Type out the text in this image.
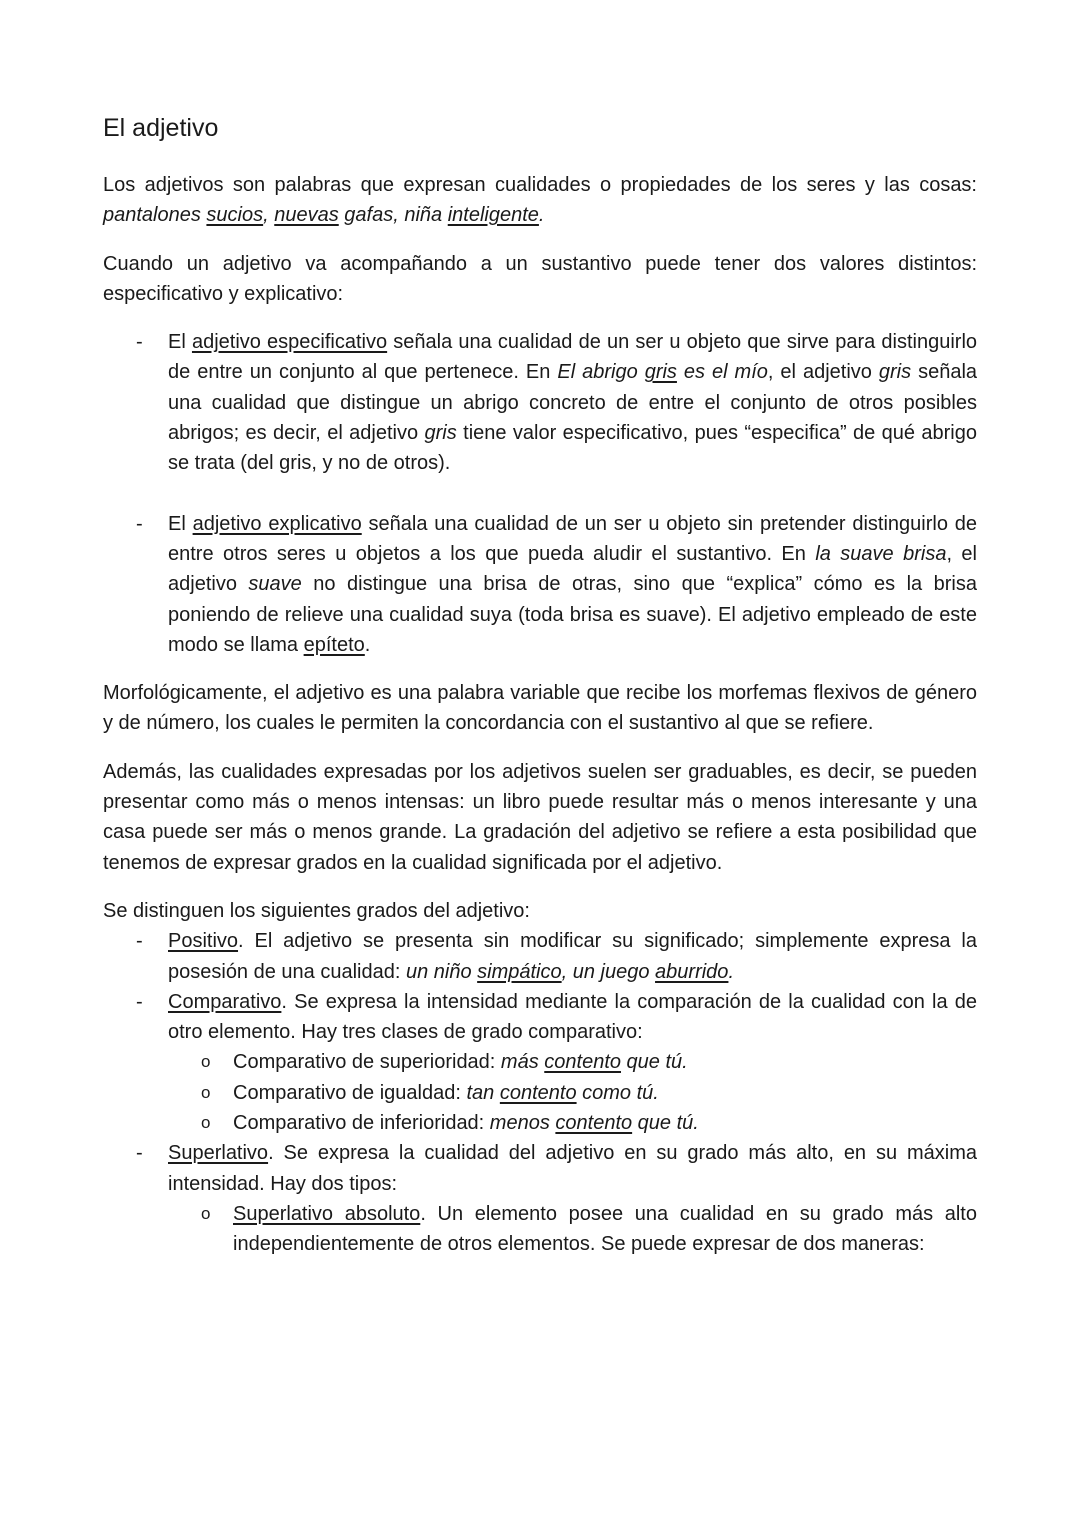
El adjetivo

Los adjetivos son palabras que expresan cualidades o propiedades de los seres y las cosas: pantalones sucios, nuevas gafas, niña inteligente.

Cuando un adjetivo va acompañando a un sustantivo puede tener dos valores distintos: especificativo y explicativo:

- El adjetivo especificativo señala una cualidad de un ser u objeto que sirve para distinguirlo de entre un conjunto al que pertenece. En El abrigo gris es el mío, el adjetivo gris señala una cualidad que distingue un abrigo concreto de entre el conjunto de otros posibles abrigos; es decir, el adjetivo gris tiene valor especificativo, pues “especifica” de qué abrigo se trata (del gris, y no de otros).
- El adjetivo explicativo señala una cualidad de un ser u objeto sin pretender distinguirlo de entre otros seres u objetos a los que pueda aludir el sustantivo. En la suave brisa, el adjetivo suave no distingue una brisa de otras, sino que “explica” cómo es la brisa poniendo de relieve una cualidad suya (toda brisa es suave). El adjetivo empleado de este modo se llama epíteto.

Morfológicamente, el adjetivo es una palabra variable que recibe los morfemas flexivos de género y de número, los cuales le permiten la concordancia con el sustantivo al que se refiere.

Además, las cualidades expresadas por los adjetivos suelen ser graduables, es decir, se pueden presentar como más o menos intensas: un libro puede resultar más o menos interesante y una casa puede ser más o menos grande. La gradación del adjetivo se refiere a esta posibilidad que tenemos de expresar grados en la cualidad significada por el adjetivo.

Se distinguen los siguientes grados del adjetivo:

- Positivo. El adjetivo se presenta sin modificar su significado; simplemente expresa la posesión de una cualidad: un niño simpático, un juego aburrido.
- Comparativo. Se expresa la intensidad mediante la comparación de la cualidad con la de otro elemento. Hay tres clases de grado comparativo:
o Comparativo de superioridad: más contento que tú.
o Comparativo de igualdad: tan contento como tú.
o Comparativo de inferioridad: menos contento que tú.
- Superlativo. Se expresa la cualidad del adjetivo en su grado más alto, en su máxima intensidad. Hay dos tipos:
o Superlativo absoluto. Un elemento posee una cualidad en su grado más alto independientemente de otros elementos. Se puede expresar de dos maneras:
